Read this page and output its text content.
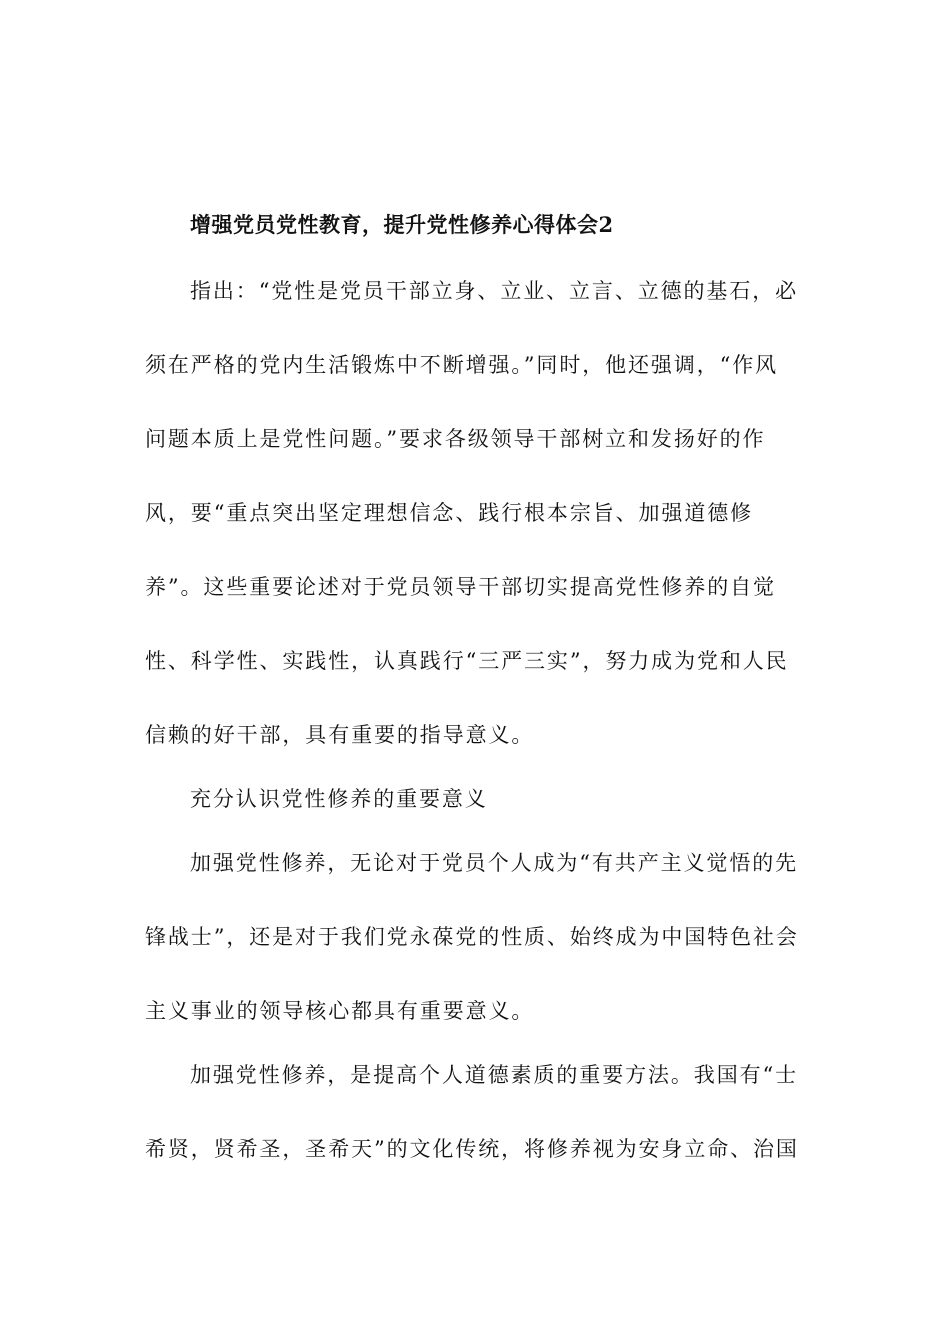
增强党员党性教育，提升党性修养心得体会2
指出：“党性是党员干部立身、立业、立言、立德的基石，必
须在严格的党内生活锻炼中不断增强。”同时，他还强调，“作风
问题本质上是党性问题。”要求各级领导干部树立和发扬好的作
风，要“重点突出坚定理想信念、践行根本宗旨、加强道德修
养”。这些重要论述对于党员领导干部切实提高党性修养的自觉
性、科学性、实践性，认真践行“三严三实”，努力成为党和人民
信赖的好干部，具有重要的指导意义。
充分认识党性修养的重要意义
加强党性修养，无论对于党员个人成为“有共产主义觉悟的先
锋战士”，还是对于我们党永葆党的性质、始终成为中国特色社会
主义事业的领导核心都具有重要意义。
加强党性修养，是提高个人道德素质的重要方法。我国有“士
希贤，贤希圣，圣希天”的文化传统，将修养视为安身立命、治国
